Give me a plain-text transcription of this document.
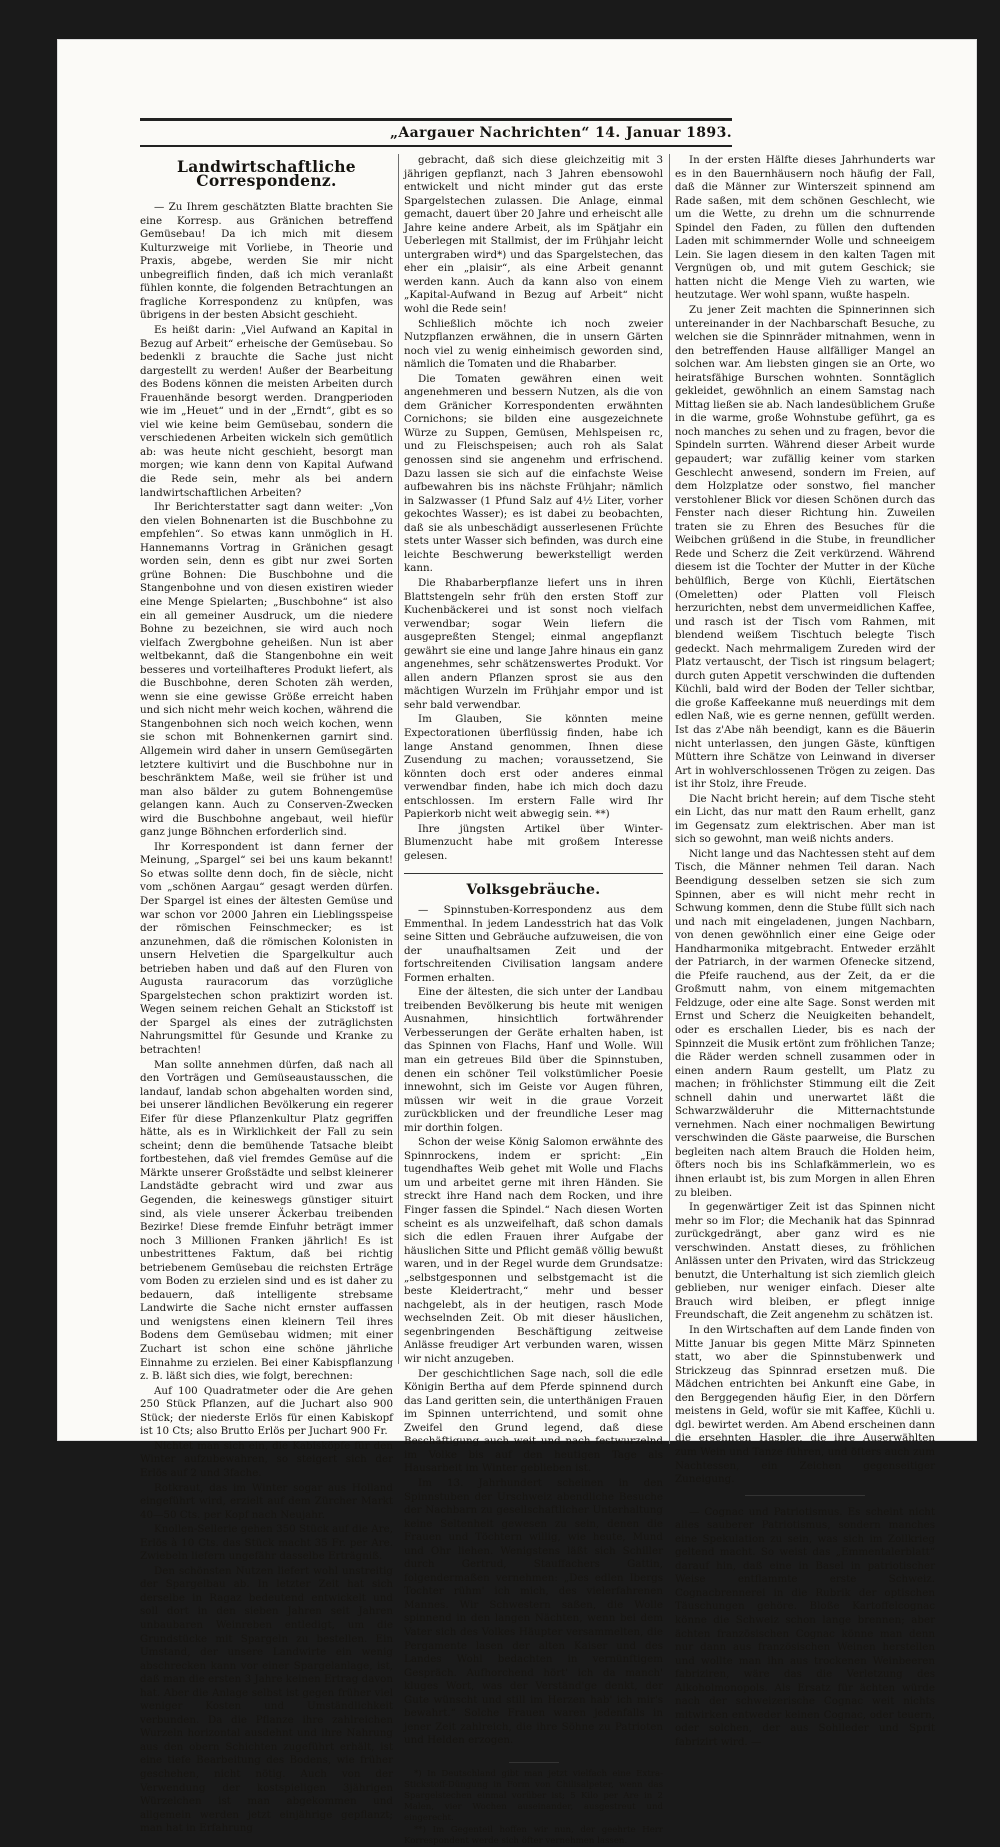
„Aargauer Nachrichten“ 14. Januar 1893.
Landwirtschaftliche Correspondenz.

— Zu Ihrem geschätzten Blatte brachten Sie eine Korresp. aus Gränichen betreffend Gemüsebau! Da ich mich mit diesem Kulturzweige mit Vorliebe, in Theorie und Praxis, abgebe, werden Sie mir nicht unbegreiflich finden, daß ich mich veranlaßt fühlen konnte, die folgenden Betrachtungen an fragliche Korrespondenz zu knüpfen, was übrigens in der besten Absicht geschieht.

Es heißt darin: „Viel Aufwand an Kapital in Bezug auf Arbeit“ erheische der Gemüsebau. So bedenkli z brauchte die Sache just nicht dargestellt zu werden! Außer der Bearbeitung des Bodens können die meisten Arbeiten durch Frauenhände besorgt werden. Drangperioden wie im „Heuet“ und in der „Erndt“, gibt es so viel wie keine beim Gemüsebau, sondern die verschiedenen Arbeiten wickeln sich gemütlich ab: was heute nicht geschieht, besorgt man morgen; wie kann denn von Kapital Aufwand die Rede sein, mehr als bei andern landwirtschaftlichen Arbeiten?

Ihr Berichterstatter sagt dann weiter: „Von den vielen Bohnenarten ist die Buschbohne zu empfehlen“. So etwas kann unmöglich in H. Hannemanns Vortrag in Gränichen gesagt worden sein, denn es gibt nur zwei Sorten grüne Bohnen: Die Buschbohne und die Stangenbohne und von diesen existiren wieder eine Menge Spielarten; „Buschbohne“ ist also ein all gemeiner Ausdruck, um die niedere Bohne zu bezeichnen, sie wird auch noch vielfach Zwergbohne geheißen. Nun ist aber weltbekannt, daß die Stangenbohne ein weit besseres und vorteilhafteres Produkt liefert, als die Buschbohne, deren Schoten zäh werden, wenn sie eine gewisse Größe erreicht haben und sich nicht mehr weich kochen, während die Stangenbohnen sich noch weich kochen, wenn sie schon mit Bohnenkernen garnirt sind. Allgemein wird daher in unsern Gemüsegärten letztere kultivirt und die Buschbohne nur in beschränktem Maße, weil sie früher ist und man also bälder zu gutem Bohnengemüse gelangen kann. Auch zu Conserven-Zwecken wird die Buschbohne angebaut, weil hiefür ganz junge Böhnchen erforderlich sind.

Ihr Korrespondent ist dann ferner der Meinung, „Spargel“ sei bei uns kaum bekannt! So etwas sollte denn doch, fin de siècle, nicht vom „schönen Aargau“ gesagt werden dürfen. Der Spargel ist eines der ältesten Gemüse und war schon vor 2000 Jahren ein Lieblingsspeise der römischen Feinschmecker; es ist anzunehmen, daß die römischen Kolonisten in unsern Helvetien die Spargelkultur auch betrieben haben und daß auf den Fluren von Augusta rauracorum das vorzügliche Spargelstechen schon praktizirt worden ist. Wegen seinem reichen Gehalt an Stickstoff ist der Spargel als eines der zuträglichsten Nahrungsmittel für Gesunde und Kranke zu betrachten!

Man sollte annehmen dürfen, daß nach all den Vorträgen und Gemüseaustausschen, die landauf, landab schon abgehalten worden sind, bei unserer ländlichen Bevölkerung ein regerer Eifer für diese Pflanzenkultur Platz gegriffen hätte, als es in Wirklichkeit der Fall zu sein scheint; denn die bemühende Tatsache bleibt fortbestehen, daß viel fremdes Gemüse auf die Märkte unserer Großstädte und selbst kleinerer Landstädte gebracht wird und zwar aus Gegenden, die keineswegs günstiger situirt sind, als viele unserer Äckerbau treibenden Bezirke! Diese fremde Einfuhr beträgt immer noch 3 Millionen Franken jährlich! Es ist unbestrittenes Faktum, daß bei richtig betriebenem Gemüsebau die reichsten Erträge vom Boden zu erzielen sind und es ist daher zu bedauern, daß intelligente strebsame Landwirte die Sache nicht ernster auffassen und wenigstens einen kleinern Teil ihres Bodens dem Gemüsebau widmen; mit einer Zuchart ist schon eine schöne jährliche Einnahme zu erzielen. Bei einer Kabispflanzung z. B. läßt sich dies, wie folgt, berechnen:

Auf 100 Quadratmeter oder die Are gehen 250 Stück Pflanzen, auf die Juchart also 900 Stück; der niederste Erlös für einen Kabiskopf ist 10 Cts; also Brutto Erlös per Juchart 900 Fr.

Nichtet man sich ein, die Kabisköpfe für den Winter aufzubewahren, so steigert sich der Erlös auf 2 und 3fache.

Rotkraut, das im Winter sogar aus Holland eingeführt wird, erzielt auf dem Zürcher Markt 40—50 Cts. per Kopf nach Neujahr.

Knollen-Sellerie gehen 350 Stück auf die Are, Erlös à 10 Cts. das Stück macht 35 Fr. per Are. Zwiebeln liefern ungefähr dasselbe Erträgniß.

Den schönsten Nutzen liefert wohl unstreitig der Spargelbau ab. In letzter Zeit hat sich derselbe in Ragaz bedeutend entwickelt und soll dort in den sieben Jahren seit Jahren unbaubaren Weinreben entledigt, um die Grundstücke mit Spargeln zu bestellen. Ein Umstand, der unsere Landwirte ein wenig abschrecken kann vor einer Spargelanlage, ist, daß man die ersten 3 Jahre keinen Ertrag davon hat. Aber die Anlage selbst ist gegen früher viel weniger Kosten und Umständlichkeit verbunden. Da die Pflanze ihre zahlreichen Wurzeln horizontal ausdehnt und ihre Nahrung aus den obern Schichten zugeführt erhält, ist eine tiefe Bearbeitung des Bodens, wie früher geschehen, nicht nötig. Auch von der Verwendung der kostspieligen 3jährigen Würzelchen ist man abgekommen und allgemein werden jetzt einjährige gepflanzt; man hat in Erfahrung

gebracht, daß sich diese gleichzeitig mit 3 jährigen gepflanzt, nach 3 Jahren ebensowohl entwickelt und nicht minder gut das erste Spargelstechen zulassen. Die Anlage, einmal gemacht, dauert über 20 Jahre und erheischt alle Jahre keine andere Arbeit, als im Spätjahr ein Ueberlegen mit Stallmist, der im Frühjahr leicht untergraben wird*) und das Spargelstechen, das eher ein „plaisir“, als eine Arbeit genannt werden kann. Auch da kann also von einem „Kapital-Aufwand in Bezug auf Arbeit“ nicht wohl die Rede sein!

Schließlich möchte ich noch zweier Nutzpflanzen erwähnen, die in unsern Gärten noch viel zu wenig einheimisch geworden sind, nämlich die Tomaten und die Rhabarber.

Die Tomaten gewähren einen weit angenehmeren und bessern Nutzen, als die von dem Gränicher Korrespondenten erwähnten Cornichons; sie bilden eine ausgezeichnete Würze zu Suppen, Gemüsen, Mehlspeisen rc, und zu Fleischspeisen; auch roh als Salat genossen sind sie angenehm und erfrischend. Dazu lassen sie sich auf die einfachste Weise aufbewahren bis ins nächste Frühjahr; nämlich in Salzwasser (1 Pfund Salz auf 4½ Liter, vorher gekochtes Wasser); es ist dabei zu beobachten, daß sie als unbeschädigt ausserlesenen Früchte stets unter Wasser sich befinden, was durch eine leichte Beschwerung bewerkstelligt werden kann.

Die Rhabarberpflanze liefert uns in ihren Blattstengeln sehr früh den ersten Stoff zur Kuchenbäckerei und ist sonst noch vielfach verwendbar; sogar Wein liefern die ausgepreßten Stengel; einmal angepflanzt gewährt sie eine und lange Jahre hinaus ein ganz angenehmes, sehr schätzenswertes Produkt. Vor allen andern Pflanzen sprost sie aus den mächtigen Wurzeln im Frühjahr empor und ist sehr bald verwendbar.

Im Glauben, Sie könnten meine Expectorationen überflüssig finden, habe ich lange Anstand genommen, Ihnen diese Zusendung zu machen; voraussetzend, Sie könnten doch erst oder anderes einmal verwendbar finden, habe ich mich doch dazu entschlossen. Im erstern Falle wird Ihr Papierkorb nicht weit abwegig sein. **)

Ihre jüngsten Artikel über Winter-Blumenzucht habe mit großem Interesse gelesen.

Volksgebräuche.

— Spinnstuben-Korrespondenz aus dem Emmenthal. In jedem Landesstrich hat das Volk seine Sitten und Gebräuche aufzuweisen, die von der unaufhaltsamen Zeit und der fortschreitenden Civilisation langsam andere Formen erhalten.

Eine der ältesten, die sich unter der Landbau treibenden Bevölkerung bis heute mit wenigen Ausnahmen, hinsichtlich fortwährender Verbesserungen der Geräte erhalten haben, ist das Spinnen von Flachs, Hanf und Wolle. Will man ein getreues Bild über die Spinnstuben, denen ein schöner Teil volkstümlicher Poesie innewohnt, sich im Geiste vor Augen führen, müssen wir weit in die graue Vorzeit zurückblicken und der freundliche Leser mag mir dorthin folgen.

Schon der weise König Salomon erwähnte des Spinnrockens, indem er spricht: „Ein tugendhaftes Weib gehet mit Wolle und Flachs um und arbeitet gerne mit ihren Händen. Sie streckt ihre Hand nach dem Rocken, und ihre Finger fassen die Spindel.“ Nach diesen Worten scheint es als unzweifelhaft, daß schon damals sich die edlen Frauen ihrer Aufgabe der häuslichen Sitte und Pflicht gemäß völlig bewußt waren, und in der Regel wurde dem Grundsatze: „selbstgesponnen und selbstgemacht ist die beste Kleidertracht,“ mehr und besser nachgelebt, als in der heutigen, rasch Mode wechselnden Zeit. Ob mit dieser häuslichen, segenbringenden Beschäftigung zeitweise Anlässe freudiger Art verbunden waren, wissen wir nicht anzugeben.

Der geschichtlichen Sage nach, soll die edle Königin Bertha auf dem Pferde spinnend durch das Land geritten sein, die unterthänigen Frauen im Spinnen unterrichtend, und somit ohne Zweifel den Grund legend, daß diese Beschäftigung auch weit und nach festwurzelnd im Volke bis auf den heutigen Tage als Hausarbeit im Winter geblieben ist.

Im 13. Jahrhundert scheinen in den Spinnstuben der Urschweiz abendliche Besuche der Nachbarn zu gesellschaftlicher Unterhaltung keine Seltenheit gewesen zu sein, denen die Frauen und Töchtern willig, wie heute, Mund und Ohr liehen. Wenigstens läßt sich Schiller durch Gertrud, Stauffachers Gattin, folgendermaßen vernehmen: „Des edlen Ibergs Tochter rühm' ich mich, des vielerfahrenen Mannes. Wir Schwestern saßen, die Wolle spinnend in den langen Nächten, wenn bei dem Vater sich des Volkes Häupter versammelten, die Pergamente lasen der alten Kaiser und des Landes Wohl bedachten in vernünftigem Gespräch. Aufhorchend hört' ich da manch' kluges Wort, was der Verständ'ge denkt, der Gute wünscht und still im Herzen hab' ich mir's bewahrt.“ Solche Frauen waren jedenfalls in jener Zeit zahlreich, die ihre Söhne zu Patrioten und Helden erzogen.

*) In Deutschland gibt man jetzt vielfach eine Extra-Stickstoff-Düngung in Form von Chilisalpeter, wenn das Spargelstechen einmal vorüber ist; 5 Kilo per Are in 2 Malen, vier Wochen auseinander, ausgestreut und eingerecht.

**) Im Gegenteil hoffen wir nun, der geehrte Herr Korrespondent werde sich öfter vernehmen lassen.

In der ersten Hälfte dieses Jahrhunderts war es in den Bauernhäusern noch häufig der Fall, daß die Männer zur Winterszeit spinnend am Rade saßen, mit dem schönen Geschlecht, wie um die Wette, zu drehn um die schnurrende Spindel den Faden, zu füllen den duftenden Laden mit schimmernder Wolle und schneeigem Lein. Sie lagen diesem in den kalten Tagen mit Vergnügen ob, und mit gutem Geschick; sie hatten nicht die Menge Vieh zu warten, wie heutzutage. Wer wohl spann, wußte haspeln.

Zu jener Zeit machten die Spinnerinnen sich untereinander in der Nachbarschaft Besuche, zu welchen sie die Spinnräder mitnahmen, wenn in den betreffenden Hause allfälliger Mangel an solchen war. Am liebsten gingen sie an Orte, wo heiratsfähige Burschen wohnten. Sonntäglich gekleidet, gewöhnlich an einem Samstag nach Mittag ließen sie ab. Nach landesüblichem Gruße in die warme, große Wohnstube geführt, ga es noch manches zu sehen und zu fragen, bevor die Spindeln surrten. Während dieser Arbeit wurde gepaudert; war zufällig keiner vom starken Geschlecht anwesend, sondern im Freien, auf dem Holzplatze oder sonstwo, fiel mancher verstohlener Blick vor diesen Schönen durch das Fenster nach dieser Richtung hin. Zuweilen traten sie zu Ehren des Besuches für die Weibchen grüßend in die Stube, in freundlicher Rede und Scherz die Zeit verkürzend. Während diesem ist die Tochter der Mutter in der Küche behülflich, Berge von Küchli, Eiertätschen (Omeletten) oder Platten voll Fleisch herzurichten, nebst dem unvermeidlichen Kaffee, und rasch ist der Tisch vom Rahmen, mit blendend weißem Tischtuch belegte Tisch gedeckt. Nach mehrmaligem Zureden wird der Platz vertauscht, der Tisch ist ringsum belagert; durch guten Appetit verschwinden die duftenden Küchli, bald wird der Boden der Teller sichtbar, die große Kaffeekanne muß neuerdings mit dem edlen Naß, wie es gerne nennen, gefüllt werden. Ist das z'Abe näh beendigt, kann es die Bäuerin nicht unterlassen, den jungen Gäste, künftigen Müttern ihre Schätze von Leinwand in diverser Art in wohlverschlossenen Trögen zu zeigen. Das ist ihr Stolz, ihre Freude.

Die Nacht bricht herein; auf dem Tische steht ein Licht, das nur matt den Raum erhellt, ganz im Gegensatz zum elektrischen. Aber man ist sich so gewohnt, man weiß nichts anders.

Nicht lange und das Nachtessen steht auf dem Tisch, die Männer nehmen Teil daran. Nach Beendigung desselben setzen sie sich zum Spinnen, aber es will nicht mehr recht in Schwung kommen, denn die Stube füllt sich nach und nach mit eingeladenen, jungen Nachbarn, von denen gewöhnlich einer eine Geige oder Handharmonika mitgebracht. Entweder erzählt der Patriarch, in der warmen Ofenecke sitzend, die Pfeife rauchend, aus der Zeit, da er die Großmutt nahm, von einem mitgemachten Feldzuge, oder eine alte Sage. Sonst werden mit Ernst und Scherz die Neuigkeiten behandelt, oder es erschallen Lieder, bis es nach der Spinnzeit die Musik ertönt zum fröhlichen Tanze; die Räder werden schnell zusammen oder in einen andern Raum gestellt, um Platz zu machen; in fröhlichster Stimmung eilt die Zeit schnell dahin und unerwartet läßt die Schwarzwälderuhr die Mitternachtstunde vernehmen. Nach einer nochmaligen Bewirtung verschwinden die Gäste paarweise, die Burschen begleiten nach altem Brauch die Holden heim, öfters noch bis ins Schlafkämmerlein, wo es ihnen erlaubt ist, bis zum Morgen in allen Ehren zu bleiben.

In gegenwärtiger Zeit ist das Spinnen nicht mehr so im Flor; die Mechanik hat das Spinnrad zurückgedrängt, aber ganz wird es nie verschwinden. Anstatt dieses, zu fröhlichen Anlässen unter den Privaten, wird das Strickzeug benutzt, die Unterhaltung ist sich ziemlich gleich geblieben, nur weniger einfach. Dieser alte Brauch wird bleiben, er pflegt innige Freundschaft, die Zeit angenehm zu schätzen ist.

In den Wirtschaften auf dem Lande finden von Mitte Januar bis gegen Mitte März Spinneten statt, wo aber die Spinnstubenwerk und Strickzeug das Spinnrad ersetzen muß. Die Mädchen entrichten bei Ankunft eine Gabe, in den Berggegenden häufig Eier, in den Dörfern meistens in Geld, wofür sie mit Kaffee, Küchli u. dgl. bewirtet werden. Am Abend erscheinen dann die ersehnten Haspler, die ihre Auserwählten zum Wein und Tanze führen, und öfters auch zum Nachtessen, ein Zeichen gegenseitiger Zuneigung.

— Cognac und Patriotismus. Es scheint nicht alles sauberer Patriotismus, sondern manches eine Spekulation zu sein, was sich im Zollkrieg geltend macht. So weist das „Emmentalerblatt“ darauf hin, daß eine in Basel in patriotischer Weise entflammte erste Schweiz. Cognacbrennerei in die Rubrik der optischen Täuschungen gehöre. Bloße Kartoffelcognac könne die Schweiz schon lange brennen; aber ächten französischen Cognac könne man denn nur dann aus französischen Weinen herstellen und wollte man ihn aus trockenen Weinbeeren fabriziren, wäre das die Verletzung des Alkoholmonopols. Als Ersatz für ächten würde nach der schweizerische Cognac weit nichts mitwirken entweder keinen Cognac, oder teuern, oder solchen, der aus Sohlleder und Sprit fabrizirt wird. —
